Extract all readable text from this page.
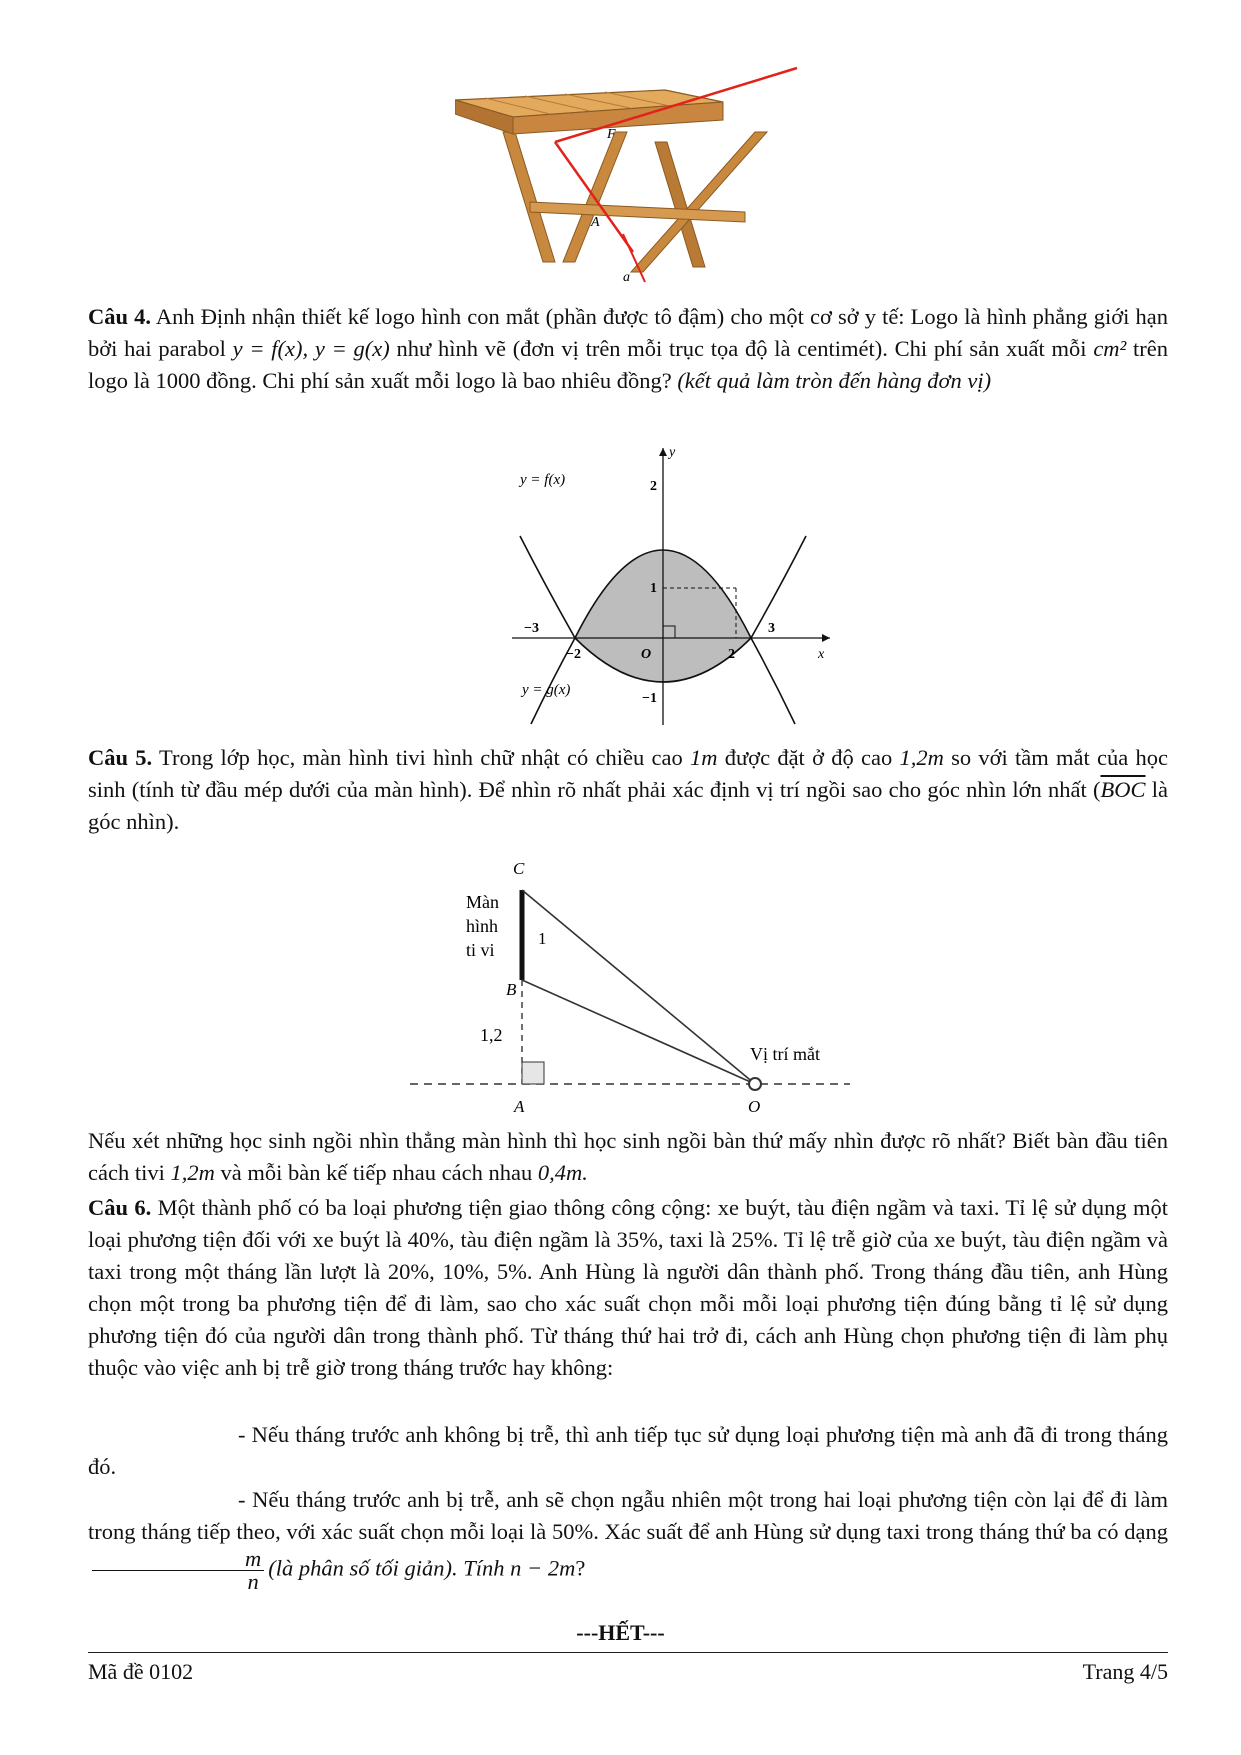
F
A
a
Câu 4. Anh Định nhận thiết kế logo hình con mắt (phần được tô đậm) cho một cơ sở y tế: Logo là hình phẳng giới hạn bởi hai parabol y = f(x), y = g(x) như hình vẽ (đơn vị trên mỗi trục tọa độ là centimét). Chi phí sản xuất mỗi cm² trên logo là 1000 đồng. Chi phí sản xuất mỗi logo là bao nhiêu đồng? (kết quả làm tròn đến hàng đơn vị)
y
x
y = f(x)
y = g(x)
2
1
−1
−3
−2	O	2
3
Câu 5. Trong lớp học, màn hình tivi hình chữ nhật có chiều cao 1m được đặt ở độ cao 1,2m so với tầm mắt của học sinh (tính từ đầu mép dưới của màn hình). Để nhìn rõ nhất phải xác định vị trí ngồi sao cho góc nhìn lớn nhất ($\overline{BOC}$ là góc nhìn).
C
Màn
hình
ti vi
1
B
1,2
Vị trí mắt
A	O
Nếu xét những học sinh ngồi nhìn thẳng màn hình thì học sinh ngồi bàn thứ mấy nhìn được rõ nhất? Biết bàn đầu tiên cách tivi 1,2m và mỗi bàn kế tiếp nhau cách nhau 0,4m.
Câu 6. Một thành phố có ba loại phương tiện giao thông công cộng: xe buýt, tàu điện ngầm và taxi. Tỉ lệ sử dụng một loại phương tiện đối với xe buýt là 40%, tàu điện ngầm là 35%, taxi là 25%. Tỉ lệ trễ giờ của xe buýt, tàu điện ngầm và taxi trong một tháng lần lượt là 20%, 10%, 5%. Anh Hùng là người dân thành phố. Trong tháng đầu tiên, anh Hùng chọn một trong ba phương tiện để đi làm, sao cho xác suất chọn mỗi mỗi loại phương tiện đúng bằng tỉ lệ sử dụng phương tiện đó của người dân trong thành phố. Từ tháng thứ hai trở đi, cách anh Hùng chọn phương tiện đi làm phụ thuộc vào việc anh bị trễ giờ trong tháng trước hay không:
- Nếu tháng trước anh không bị trễ, thì anh tiếp tục sử dụng loại phương tiện mà anh đã đi trong tháng đó.
- Nếu tháng trước anh bị trễ, anh sẽ chọn ngẫu nhiên một trong hai loại phương tiện còn lại để đi làm trong tháng tiếp theo, với xác suất chọn mỗi loại là 50%. Xác suất để anh Hùng sử dụng taxi trong tháng thứ ba có dạng
$\frac{m}{n}$ (là phân số tối giản). Tính n − 2m?
---HẾT---
Mã đề 0102	Trang 4/5
